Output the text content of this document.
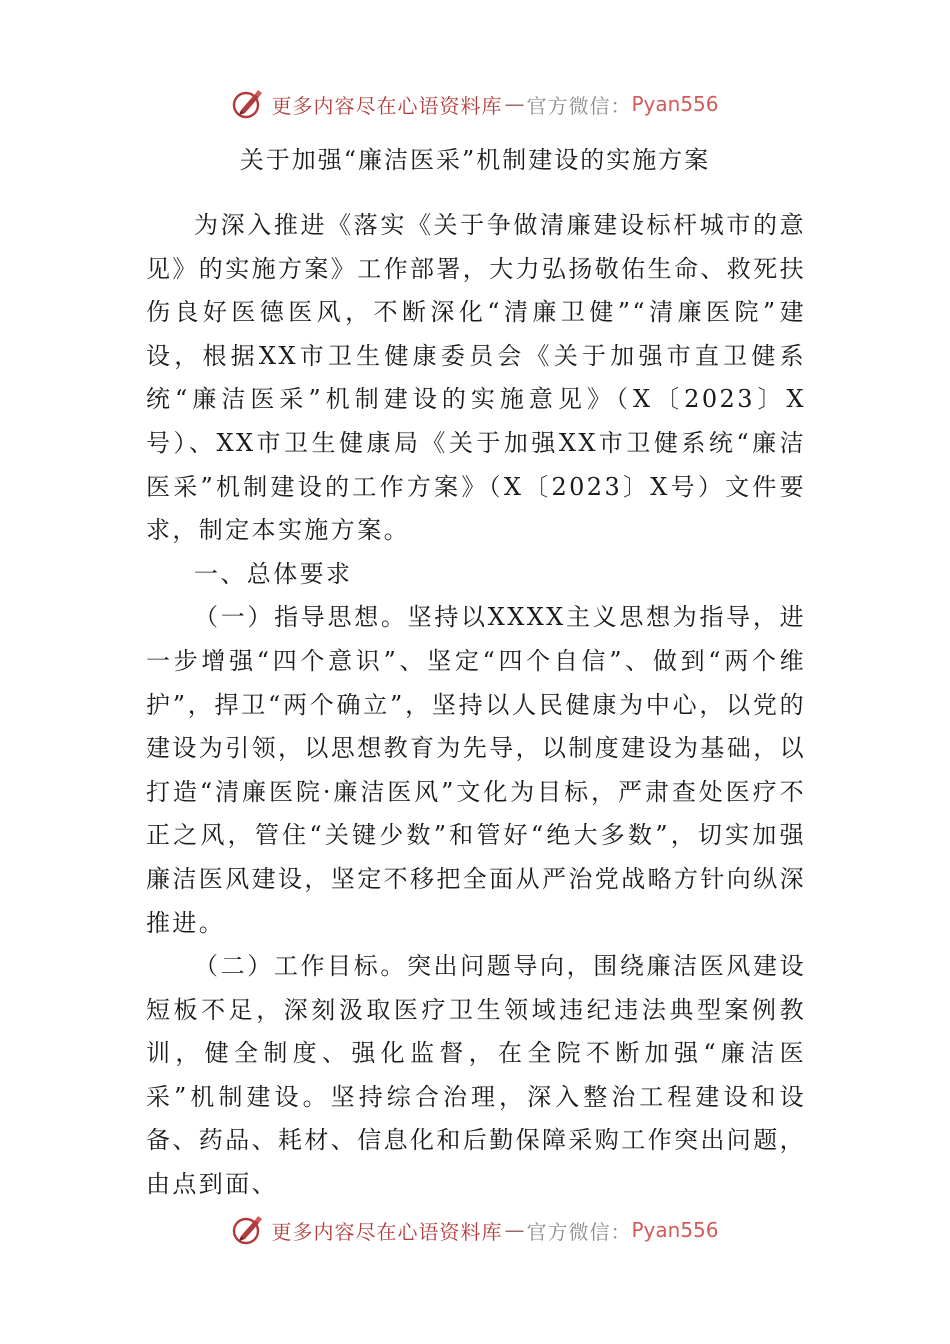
更多内容尽在心语资料库 — 官方微信： Pyan556
关于加强“廉洁医采”机制建设的实施方案

为深入推进《落实《关于争做清廉建设标杆城市的意见》的实施方案》工作部署，大力弘扬敬佑生命、救死扶伤良好医德医风，不断深化“清廉卫健”“清廉医院”建设，根据XX市卫生健康委员会《关于加强市直卫健系统“廉洁医采”机制建设的实施意见》（X〔2023〕X号）、XX市卫生健康局《关于加强XX市卫健系统“廉洁医采”机制建设的工作方案》（X〔2023〕X号）文件要求，制定本实施方案。

一、总体要求

（一）指导思想。坚持以XXXX主义思想为指导，进一步增强“四个意识”、坚定“四个自信”、做到“两个维护”，捍卫“两个确立”，坚持以人民健康为中心，以党的建设为引领，以思想教育为先导，以制度建设为基础，以打造“清廉医院·廉洁医风”文化为目标，严肃查处医疗不正之风，管住“关键少数”和管好“绝大多数”，切实加强廉洁医风建设，坚定不移把全面从严治党战略方针向纵深推进。

（二）工作目标。突出问题导向，围绕廉洁医风建设短板不足，深刻汲取医疗卫生领域违纪违法典型案例教训，健全制度、强化监督，在全院不断加强“廉洁医采”机制建设。坚持综合治理，深入整治工程建设和设备、药品、耗材、信息化和后勤保障采购工作突出问题，由点到面、

更多内容尽在心语资料库 — 官方微信： Pyan556
